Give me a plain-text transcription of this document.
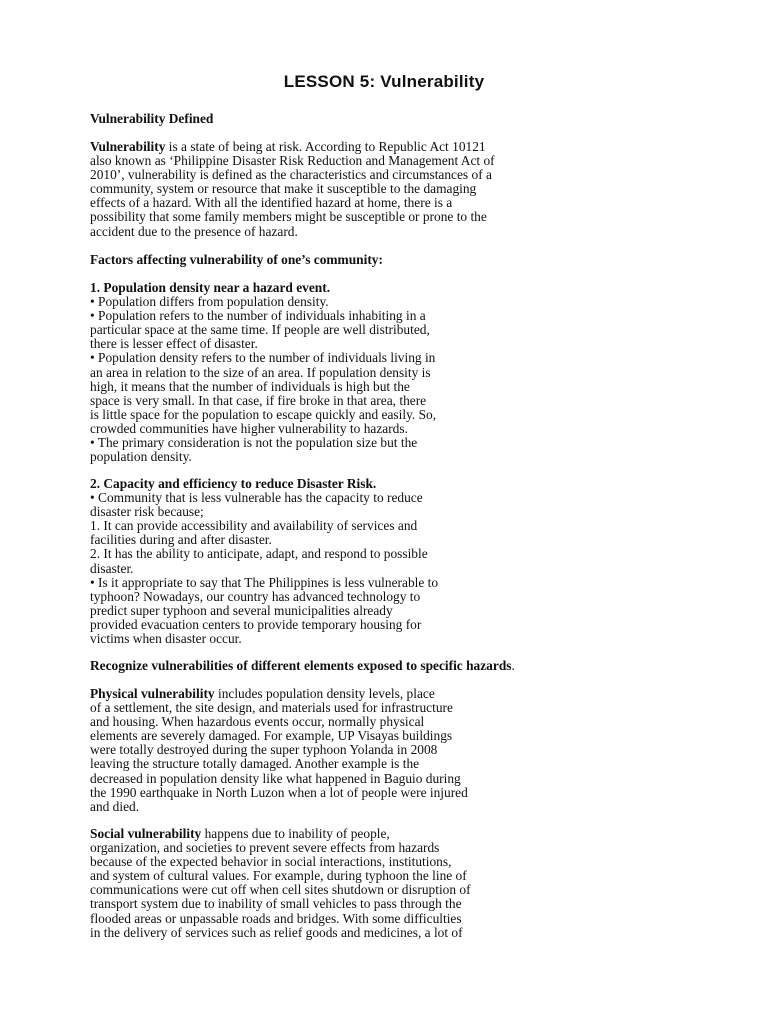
LESSON 5: Vulnerability
Vulnerability Defined
Vulnerability is a state of being at risk. According to Republic Act 10121
also known as ‘Philippine Disaster Risk Reduction and Management Act of
2010’, vulnerability is defined as the characteristics and circumstances of a
community, system or resource that make it susceptible to the damaging
effects of a hazard. With all the identified hazard at home, there is a
possibility that some family members might be susceptible or prone to the
accident due to the presence of hazard.
Factors affecting vulnerability of one’s community:
1. Population density near a hazard event.
• Population differs from population density.
• Population refers to the number of individuals inhabiting in a
particular space at the same time. If people are well distributed,
there is lesser effect of disaster.
• Population density refers to the number of individuals living in
an area in relation to the size of an area. If population density is
high, it means that the number of individuals is high but the
space is very small. In that case, if fire broke in that area, there
is little space for the population to escape quickly and easily. So,
crowded communities have higher vulnerability to hazards.
• The primary consideration is not the population size but the
population density.
2. Capacity and efficiency to reduce Disaster Risk.
• Community that is less vulnerable has the capacity to reduce
disaster risk because;
1. It can provide accessibility and availability of services and
facilities during and after disaster.
2. It has the ability to anticipate, adapt, and respond to possible
disaster.
• Is it appropriate to say that The Philippines is less vulnerable to
typhoon? Nowadays, our country has advanced technology to
predict super typhoon and several municipalities already
provided evacuation centers to provide temporary housing for
victims when disaster occur.
Recognize vulnerabilities of different elements exposed to specific hazards.
Physical vulnerability includes population density levels, place
of a settlement, the site design, and materials used for infrastructure
and housing. When hazardous events occur, normally physical
elements are severely damaged. For example, UP Visayas buildings
were totally destroyed during the super typhoon Yolanda in 2008
leaving the structure totally damaged. Another example is the
decreased in population density like what happened in Baguio during
the 1990 earthquake in North Luzon when a lot of people were injured
and died.
Social vulnerability happens due to inability of people,
organization, and societies to prevent severe effects from hazards
because of the expected behavior in social interactions, institutions,
and system of cultural values. For example, during typhoon the line of
communications were cut off when cell sites shutdown or disruption of
transport system due to inability of small vehicles to pass through the
flooded areas or unpassable roads and bridges. With some difficulties
in the delivery of services such as relief goods and medicines, a lot of
